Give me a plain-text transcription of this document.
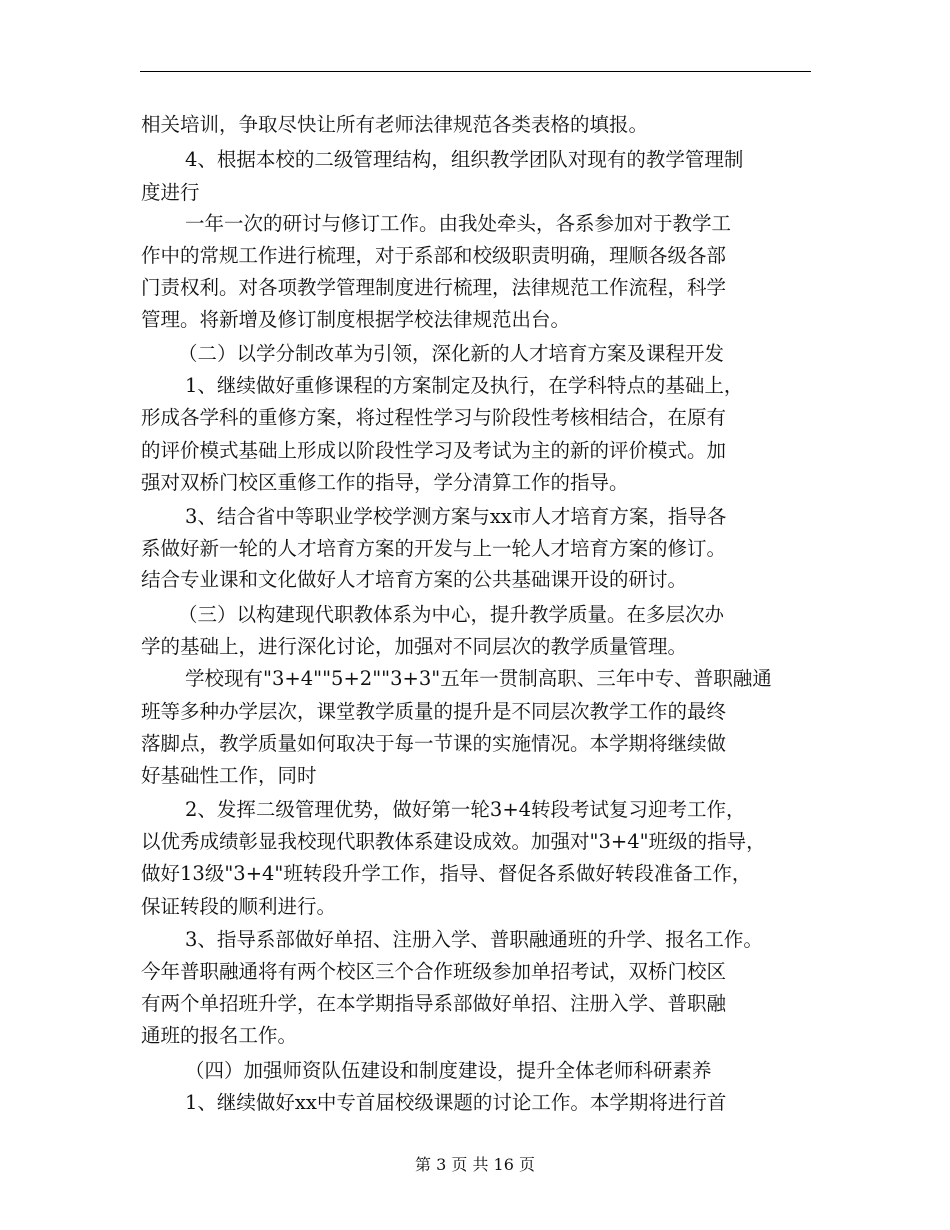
相关培训，争取尽快让所有老师法律规范各类表格的填报。
4、根据本校的二级管理结构，组织教学团队对现有的教学管理制
度进行
一年一次的研讨与修订工作。由我处牵头，各系参加对于教学工
作中的常规工作进行梳理，对于系部和校级职责明确，理顺各级各部
门责权利。对各项教学管理制度进行梳理，法律规范工作流程，科学
管理。将新增及修订制度根据学校法律规范出台。
（二）以学分制改革为引领，深化新的人才培育方案及课程开发
1、继续做好重修课程的方案制定及执行，在学科特点的基础上，
形成各学科的重修方案，将过程性学习与阶段性考核相结合，在原有
的评价模式基础上形成以阶段性学习及考试为主的新的评价模式。加
强对双桥门校区重修工作的指导，学分清算工作的指导。
3、结合省中等职业学校学测方案与xx市人才培育方案，指导各
系做好新一轮的人才培育方案的开发与上一轮人才培育方案的修订。
结合专业课和文化做好人才培育方案的公共基础课开设的研讨。
（三）以构建现代职教体系为中心，提升教学质量。在多层次办
学的基础上，进行深化讨论，加强对不同层次的教学质量管理。
学校现有"3+4""5+2""3+3"五年一贯制高职、三年中专、普职融通
班等多种办学层次，课堂教学质量的提升是不同层次教学工作的最终
落脚点，教学质量如何取决于每一节课的实施情况。本学期将继续做
好基础性工作，同时
2、发挥二级管理优势，做好第一轮3+4转段考试复习迎考工作，
以优秀成绩彰显我校现代职教体系建设成效。加强对"3+4"班级的指导，
做好13级"3+4"班转段升学工作，指导、督促各系做好转段准备工作，
保证转段的顺利进行。
3、指导系部做好单招、注册入学、普职融通班的升学、报名工作。
今年普职融通将有两个校区三个合作班级参加单招考试，双桥门校区
有两个单招班升学，在本学期指导系部做好单招、注册入学、普职融
通班的报名工作。
（四）加强师资队伍建设和制度建设，提升全体老师科研素养
1、继续做好xx中专首届校级课题的讨论工作。本学期将进行首
第 3 页 共 16 页
